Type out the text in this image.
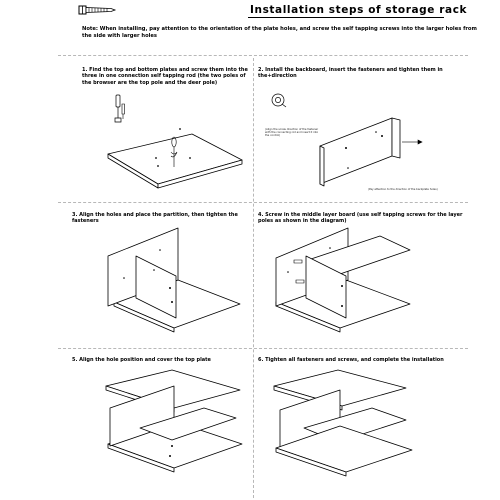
Installation steps of storage rack
Note: When installing, pay attention to the orientation of the plate holes, and screw the self tapping screws into the larger holes from the side with larger holes
1. Find the top and bottom plates and screw them into the three in one connection self tapping rod (the two poles of the browser are the top pole and the deer pole)
2. Install the backboard, insert the fasteners and tighten them in the+direction
3. Align the holes and place the partition, then tighten the fasteners
4. Screw in the middle layer board (use self tapping screws for the layer poles as shown in the diagram)
5. Align the hole position and cover the top plate	6. Tighten all fasteners and screws, and complete the installation
(Align the screw direction of the fastener with the connecting rod and insert it into the control)
(Pay attention to the direction of the backplate holes)
